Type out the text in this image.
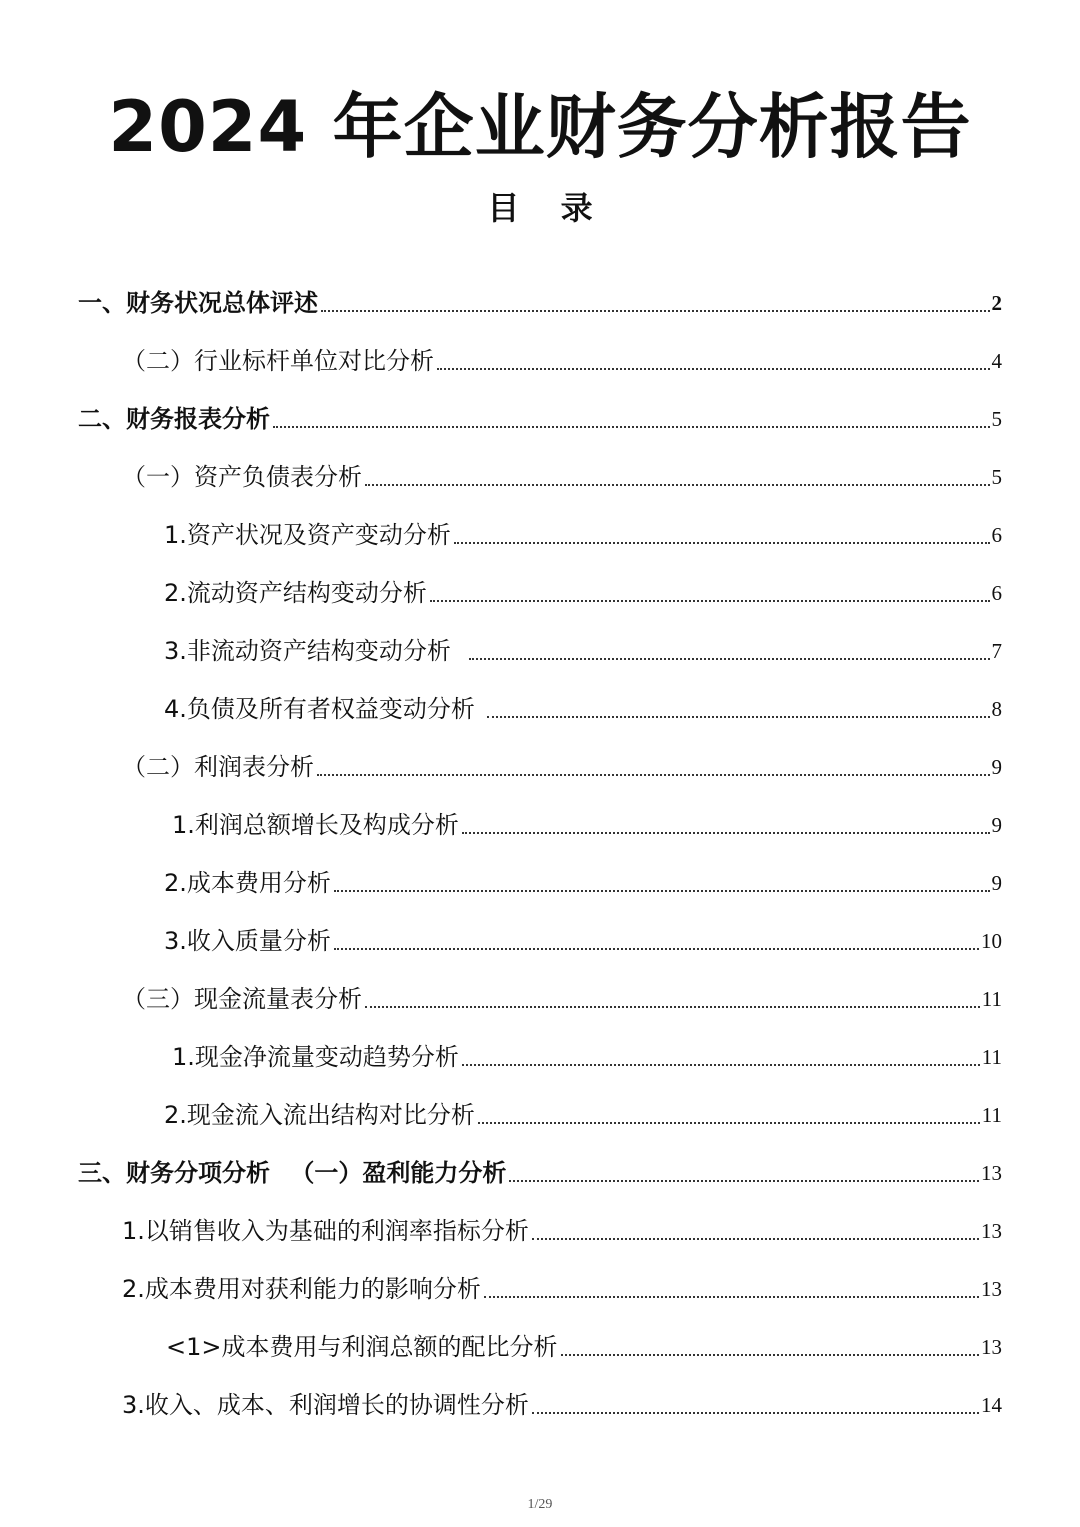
2024 年企业财务分析报告
目 录
一、财务状况总体评述	2
（二）行业标杆单位对比分析	4
二、财务报表分析	5
（一）资产负债表分析	5
1.资产状况及资产变动分析	6
2.流动资产结构变动分析	6
3.非流动资产结构变动分析	7
4.负债及所有者权益变动分析	8
（二）利润表分析	9
1.利润总额增长及构成分析	9
2.成本费用分析	9
3.收入质量分析	10
（三）现金流量表分析	11
1.现金净流量变动趋势分析	11
2.现金流入流出结构对比分析	11
三、财务分项分析 （一）盈利能力分析	13
1.以销售收入为基础的利润率指标分析	13
2.成本费用对获利能力的影响分析	13
<1>成本费用与利润总额的配比分析	13
3.收入、成本、利润增长的协调性分析	14
1/29
